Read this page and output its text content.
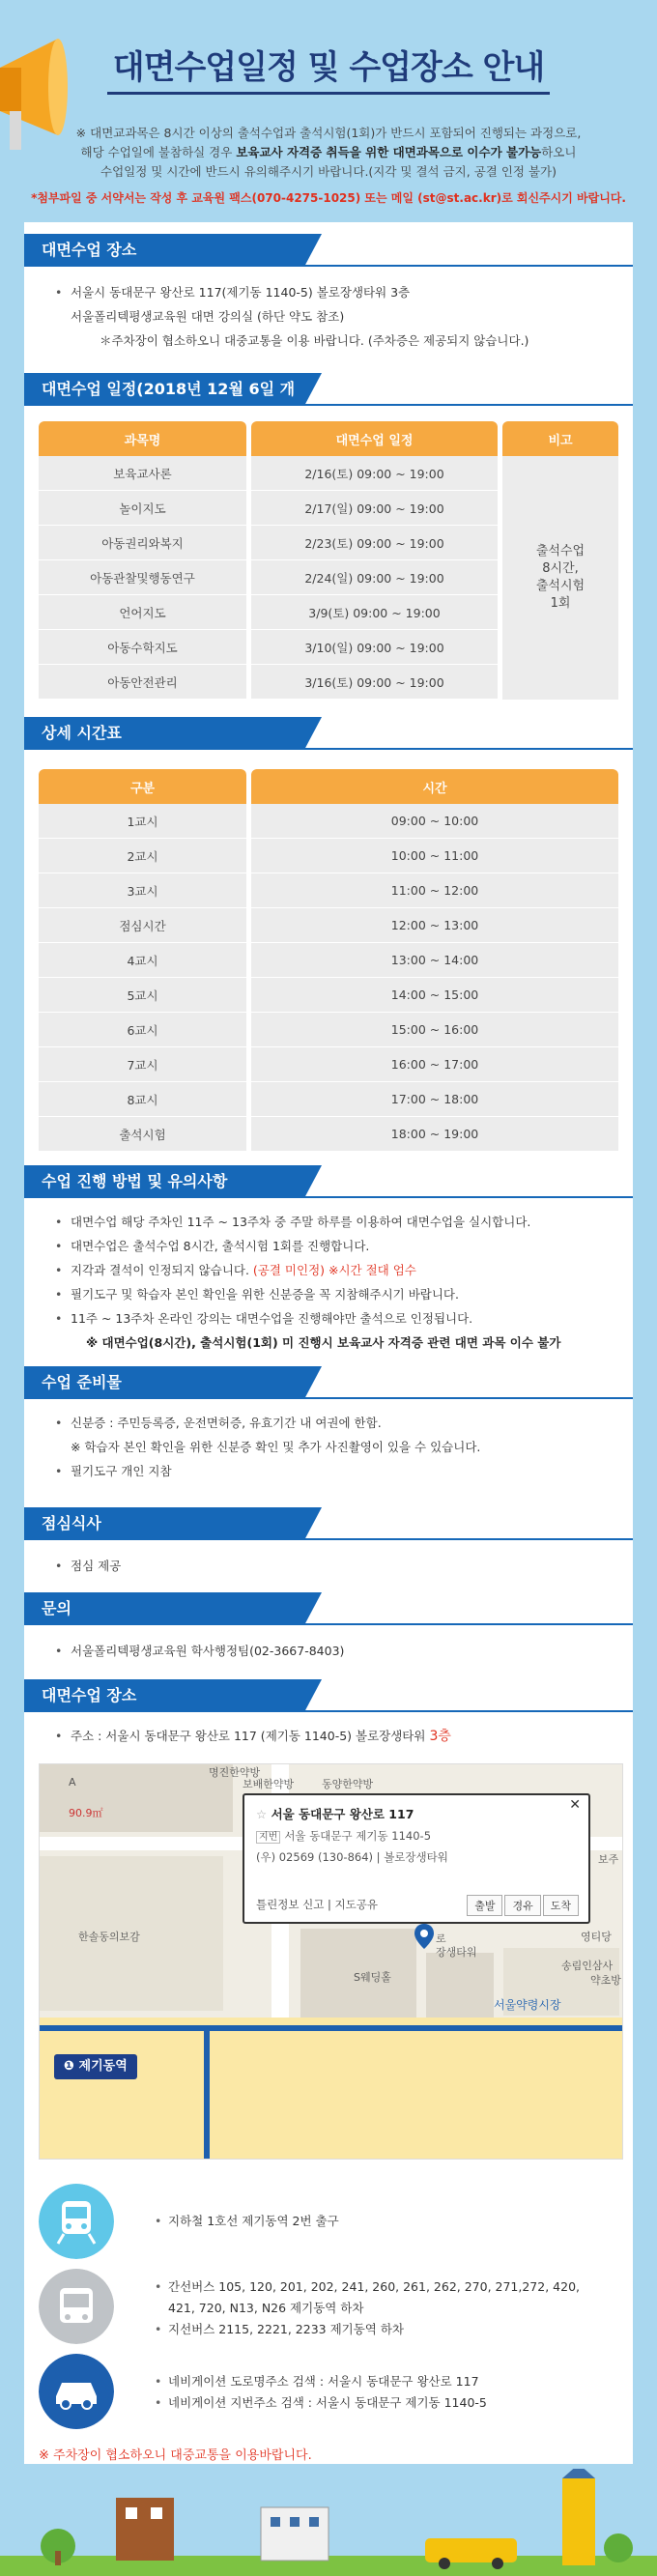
대면수업일정 및 수업장소 안내
※ 대면교과목은 8시간 이상의 출석수업과 출석시험(1회)가 반드시 포함되어 진행되는 과정으로,
해당 수업일에 불참하실 경우 보육교사 자격증 취득을 위한 대면과목으로 이수가 불가능하오니
수업일정 및 시간에 반드시 유의해주시기 바랍니다.(지각 및 결석 금지, 공결 인정 불가)
*첨부파일 중 서약서는 작성 후 교육원 팩스(070-4275-1025) 또는 메일 (st@st.ac.kr)로 회신주시기 바랍니다.
대면수업 장소
• 서울시 동대문구 왕산로 117(제기동 1140-5) 볼로장생타워 3층
서울폴리텍평생교육원 대면 강의실 (하단 약도 참조)
＊주차장이 협소하오니 대중교통을 이용 바랍니다. (주차증은 제공되지 않습니다.)
대면수업 일정(2018년 12월 6일 개
과목명	대면수업 일정	비고
보육교사론	2/16(토) 09:00 ~ 19:00
놀이지도	2/17(일) 09:00 ~ 19:00
아동권리와복지	2/23(토) 09:00 ~ 19:00
아동관찰및행동연구	2/24(일) 09:00 ~ 19:00
언어지도	3/9(토) 09:00 ~ 19:00
아동수학지도	3/10(일) 09:00 ~ 19:00
아동안전관리	3/16(토) 09:00 ~ 19:00
출석수업
8시간,
출석시험
1회
상세 시간표
구분	시간
1교시	09:00 ~ 10:00
2교시	10:00 ~ 11:00
3교시	11:00 ~ 12:00
점심시간	12:00 ~ 13:00
4교시	13:00 ~ 14:00
5교시	14:00 ~ 15:00
6교시	15:00 ~ 16:00
7교시	16:00 ~ 17:00
8교시	17:00 ~ 18:00
출석시험	18:00 ~ 19:00
수업 진행 방법 및 유의사항
• 대면수업 해당 주차인 11주 ~ 13주차 중 주말 하루를 이용하여 대면수업을 실시합니다.
• 대면수업은 출석수업 8시간, 출석시험 1회를 진행합니다.
• 지각과 결석이 인정되지 않습니다. (공결 미인정) ※시간 절대 엄수
• 필기도구 및 학습자 본인 확인을 위한 신분증을 꼭 지참해주시기 바랍니다.
• 11주 ~ 13주차 온라인 강의는 대면수업을 진행해야만 출석으로 인정됩니다.
※ 대면수업(8시간), 출석시험(1회) 미 진행시 보육교사 자격증 관련 대면 과목 이수 불가
수업 준비물
• 신분증 : 주민등록증, 운전면허증, 유효기간 내 여권에 한함.
※ 학습자 본인 확인을 위한 신분증 확인 및 추가 사진촬영이 있을 수 있습니다.
• 필기도구 개인 지참
점심식사
• 점심 제공
문의
• 서울폴리텍평생교육원 학사행정팀(02-3667-8403)
대면수업 장소
• 주소 : 서울시 동대문구 왕산로 117 (제기동 1140-5) 볼로장생타워 3층
A
90.9㎡
명진한약방
보배한약방	동양한약방
보주
한솔동의보감
S웨딩홀
영티당
송림인삼사
약초방
로
장생타워
서울약령시장
❶ 제기동역
✕
☆ 서울 동대문구 왕산로 117
지번 서울 동대문구 제기동 1140-5
(우) 02569 (130-864) | 볼로장생타워
틀린정보 신고 | 지도공유	출발	경유	도착
• 지하철 1호선 제기동역 2번 출구
• 간선버스 105, 120, 201, 202, 241, 260, 261, 262, 270, 271,272, 420, 421, 720, N13, N26 제기동역 하차
• 지선버스 2115, 2221, 2233 제기동역 하차
• 네비게이션 도로명주소 검색 : 서울시 동대문구 왕산로 117
• 네비게이션 지번주소 검색 : 서울시 동대문구 제기동 1140-5
※ 주차장이 협소하오니 대중교통을 이용바랍니다.
